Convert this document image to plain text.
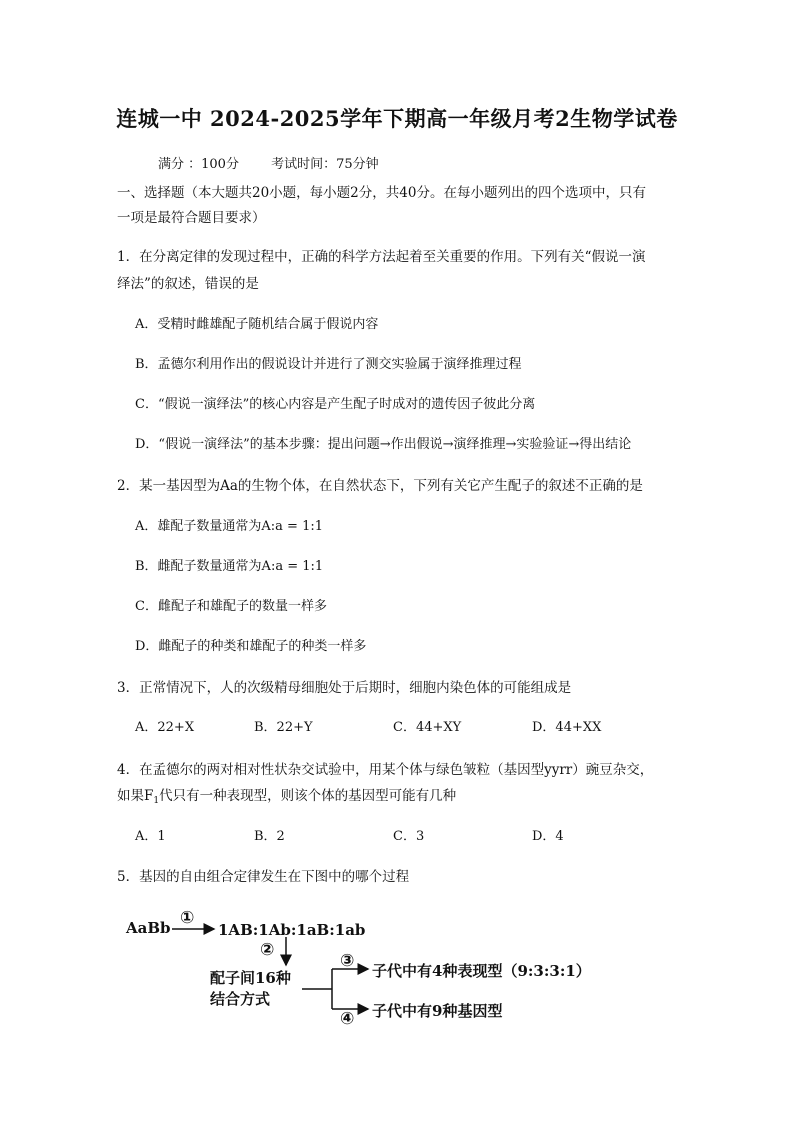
连城一中 2024-2025学年下期高一年级月考2生物学试卷
满分 ：100分 考试时间：75分钟
一、选择题（本大题共20小题，每小题2分，共40分。在每小题列出的四个选项中，只有
一项是最符合题目要求）
1．在分离定律的发现过程中，正确的科学方法起着至关重要的作用。下列有关“假说一演
绎法”的叙述，错误的是
A．受精时雌雄配子随机结合属于假说内容
B．孟德尔利用作出的假说设计并进行了测交实验属于演绎推理过程
C．“假说一演绎法”的核心内容是产生配子时成对的遗传因子彼此分离
D．“假说一演绎法”的基本步骤：提出问题→作出假说→演绎推理→实验验证→得出结论
2．某一基因型为Aa的生物个体，在自然状态下，下列有关它产生配子的叙述不正确的是
A．雄配子数量通常为A:a = 1:1
B．雌配子数量通常为A:a = 1:1
C．雌配子和雄配子的数量一样多
D．雌配子的种类和雄配子的种类一样多
3．正常情况下，人的次级精母细胞处于后期时，细胞内染色体的可能组成是
A．22+X	B．22+Y	C．44+XY	D．44+XX
4．在孟德尔的两对相对性状杂交试验中，用某个体与绿色皱粒（基因型yyrr）豌豆杂交，
如果$F_1$代只有一种表现型，则该个体的基因型可能有几种
A．1	B．2	C．3	D．4
5．基因的自由组合定律发生在下图中的哪个过程
AaBb ①
1AB:1Ab:1aB:1ab
②
配子间16种
结合方式
③ 子代中有4种表现型（9:3:3:1）
④ 子代中有9种基因型
